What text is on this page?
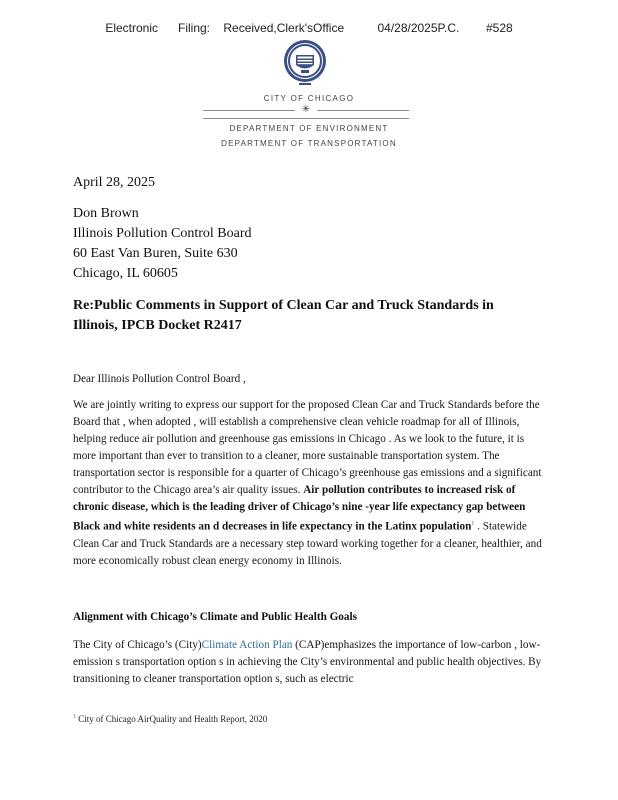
Electronic      Filing:    Received,Clerk'sOffice          04/28/2025P.C.        #528
CITY OF CHICAGO
✳
DEPARTMENT OF ENVIRONMENT
DEPARTMENT OF TRANSPORTATION
April 28, 2025
Don Brown
Illinois Pollution Control Board
60 East Van Buren, Suite 630
Chicago, IL 60605
Re:Public Comments in Support of Clean Car and Truck Standards in
Illinois, IPCB Docket R2417
Dear Illinois Pollution Control Board ,
We are jointly writing to express our support for the proposed Clean Car and Truck Standards before the Board that , when adopted , will establish a comprehensive clean vehicle roadmap for all of Illinois, helping reduce air pollution and greenhouse gas emissions in Chicago . As we look to the future, it is more important than ever to transition to a cleaner, more sustainable transportation system. The transportation sector is responsible for a quarter of Chicago’s greenhouse gas emissions and a significant contributor to the Chicago area’s air quality issues. Air pollution contributes to increased risk of chronic disease, which is the leading driver of Chicago’s nine -year life expectancy gap between Black and white residents an d decreases in life expectancy in the Latinx population$^1$ . Statewide Clean Car and Truck Standards are a necessary step toward working together for a cleaner, healthier, and more economically robust clean energy economy in Illinois.
Alignment with Chicago’s Climate and Public Health Goals
The City of Chicago’s (City)Climate Action Plan (CAP)emphasizes the importance of low-carbon , low-emission s transportation option s in achieving the City’s environmental and public health objectives. By transitioning to cleaner transportation option s, such as electric
$^1$ City of Chicago AirQuality and Health Report, 2020
